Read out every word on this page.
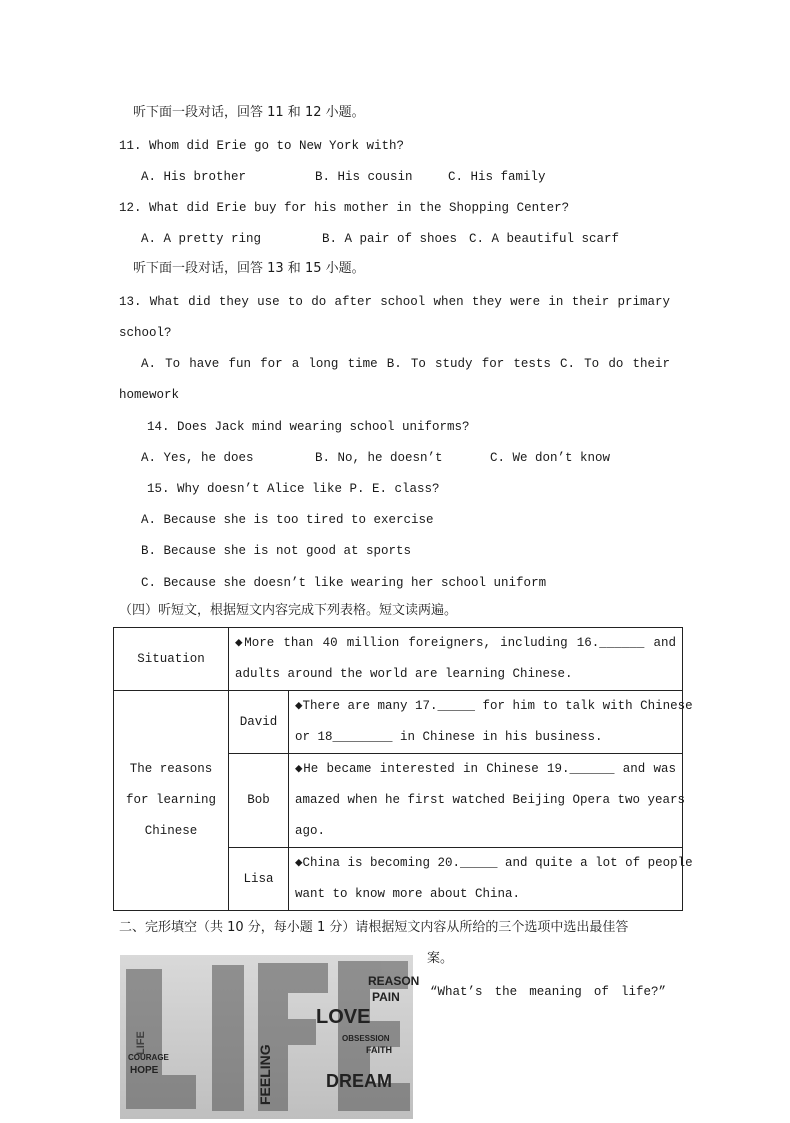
听下面一段对话，回答 11 和 12 小题。
11. Whom did Erie go to New York with?
A. His brother	B. His cousin	C. His family
12. What did Erie buy for his mother in the Shopping Center?
A. A pretty ring	B. A pair of shoes C. A beautiful scarf
听下面一段对话，回答 13 和 15 小题。
13. What did they use to do after school when they were in their primary
school?
A. To have fun for a long time B. To study for tests C. To do their
homework
14. Does Jack mind wearing school uniforms?
A. Yes, he does	B. No, he doesn’t	C. We don’t know
15. Why doesn’t Alice like P. E. class?
A. Because she is too tired to exercise
B. Because she is not good at sports
C. Because she doesn’t like wearing her school uniform
（四）听短文，根据短文内容完成下列表格。短文读两遍。
Situation	◆More than 40 million foreigners, including 16.______ and
adults around the world are learning Chinese.	

The reasons
for learning
Chinese	David	◆There are many 17._____ for him to talk with Chinese
or 18________ in Chinese in his business.

	Bob	◆He became interested in Chinese 19.______ and was
amazed when he first watched Beijing Opera two years
ago.

	Lisa	◆China is becoming 20._____ and quite a lot of people
want to know more about China.
二、完形填空（共 10 分，每小题 1 分）请根据短文内容从所给的三个选项中选出最佳答
案。
“What’s the meaning of life?”
LOVE
DREAM
REASON
PAIN
HOPE
FAITH
OBSESSION
COURAGE	FEELING
LIFE
